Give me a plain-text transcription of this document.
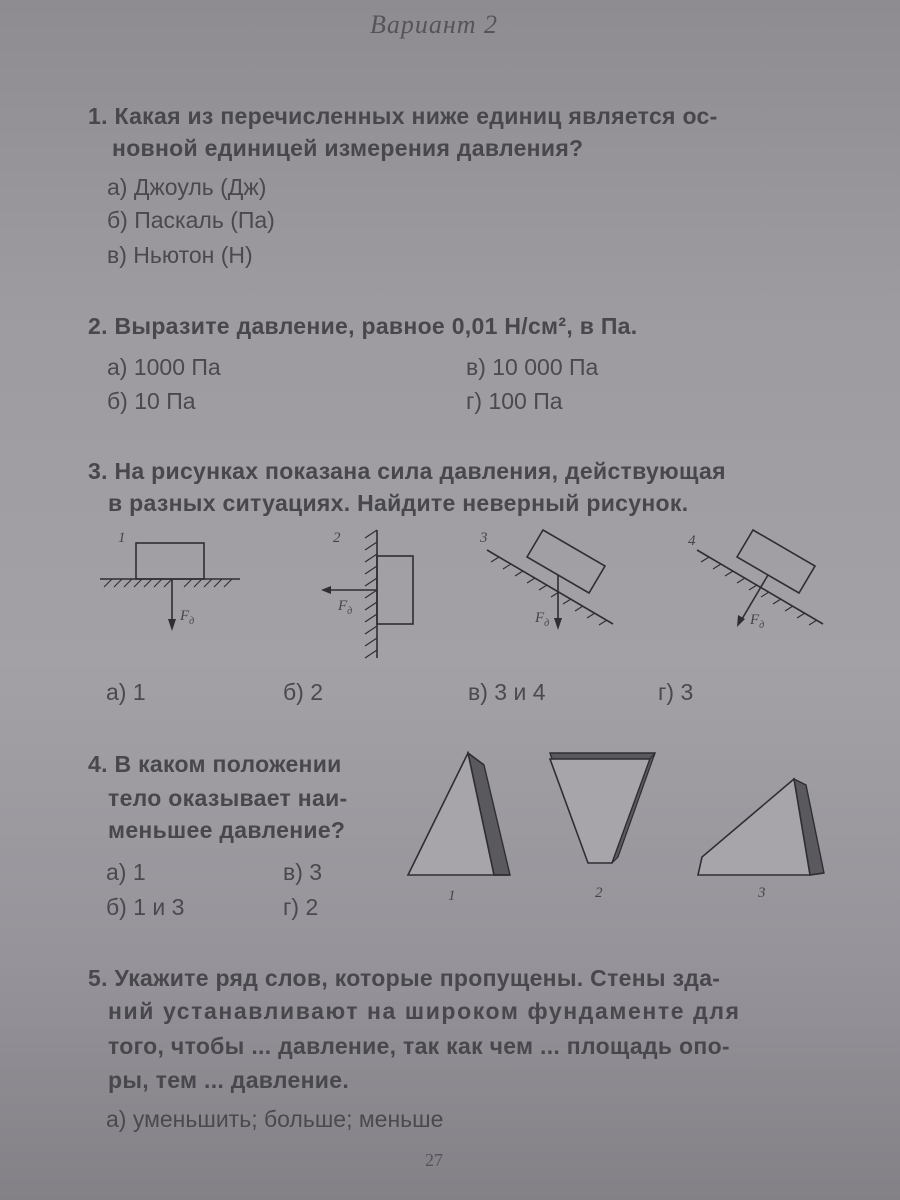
Вариант 2
1. Какая из перечисленных ниже единиц является ос-
новной единицей измерения давления?
а) Джоуль (Дж)
б) Паскаль (Па)
в) Ньютон (Н)
2. Выразите давление, равное 0,01 Н/см², в Па.
а) 1000 Па
б) 10 Па
в) 10 000 Па
г) 100 Па
3. На рисунках показана сила давления, действующая
в разных ситуациях. Найдите неверный рисунок.
1
$F_д$
2
$F_д$
3
$F_д$
4
$F_д$
а) 1	б) 2	в) 3 и 4	г) 3
4. В каком положении
тело оказывает наи-
меньшее давление?
а) 1
б) 1 и 3
в) 3
г) 2	1	2	3
5. Укажите ряд слов, которые пропущены. Стены зда-
ний устанавливают на широком фундаменте для
того, чтобы ... давление, так как чем ... площадь опо-
ры, тем ... давление.
а) уменьшить; больше; меньше
27
